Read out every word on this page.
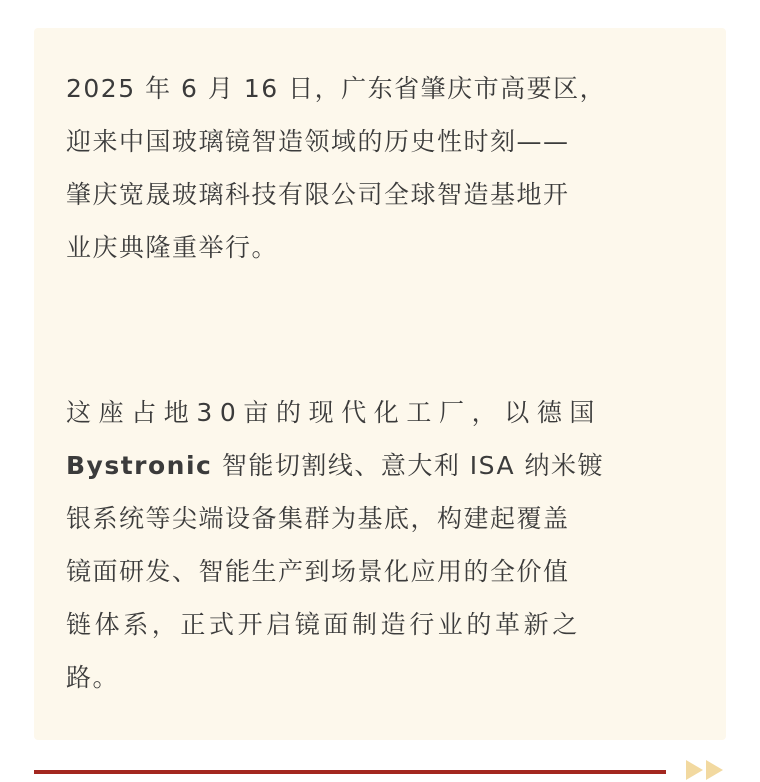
2025 年 6 月 16 日，广东省肇庆市高要区，
迎来中国玻璃镜智造领域的历史性时刻——
肇庆宽晟玻璃科技有限公司全球智造基地开
业庆典隆重举行。

这座占地30亩的现代化工厂，以德国
Bystronic 智能切割线、意大利 ISA 纳米镀
银系统等尖端设备集群为基底，构建起覆盖
镜面研发、智能生产到场景化应用的全价值
链体系，正式开启镜面制造行业的革新之
路。
